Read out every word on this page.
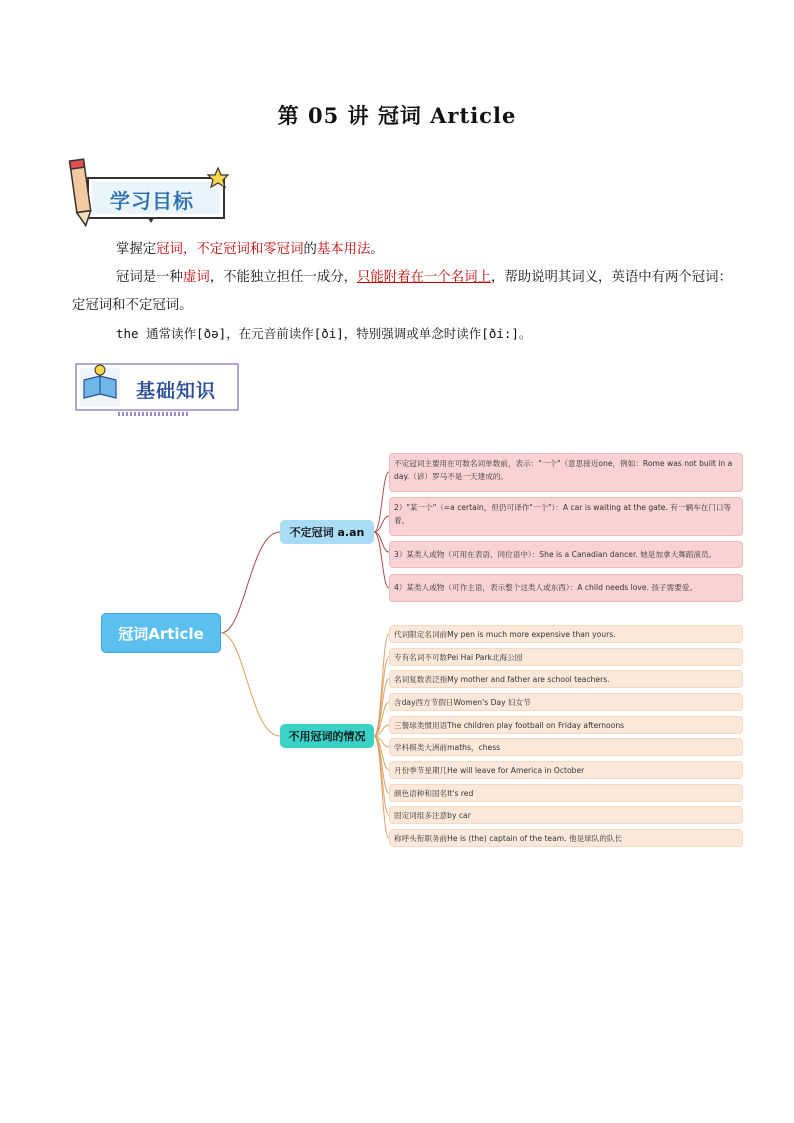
第 05 讲 冠词 Article
学习目标
掌握定冠词，不定冠词和零冠词的基本用法。
冠词是一种虚词，不能独立担任一成分，只能附着在一个名词上，帮助说明其词义，英语中有两个冠词：定冠词和不定冠词。
the 通常读作[ðə]，在元音前读作[ði]，特别强调或单念时读作[ði:]。
基础知识
冠词Article
不定冠词 a.an
不用冠词的情况
不定冠词主要用在可数名词单数前，表示："一个"（意思接近one，例如：Rome was not built in a day.（谚）罗马不是一天建成的。
2）"某一个"（=a certain，但仍可译作"一个"）：A car is waiting at the gate. 有一辆车在门口等着。
3）某类人或物（可用在表语、同位语中）：She is a Canadian dancer. 她是加拿大舞蹈演员。
4）某类人或物（可作主语，表示整个这类人或东西）：A child needs love. 孩子需要爱。
代词限定名词前My pen is much more expensive than yours.
专有名词不可数Pei Hai Park北海公园
名词复数表泛指My mother and father are school teachers.
含day西方节假日Women's Day 妇女节
三餐球类惯用语The children play football on Friday afternoons
学科棋类大洲前maths，chess
月份季节星期几He will leave for America in October
颜色语种和国名It's red
固定词组多注意by car
称呼头衔职务前He is (the) captain of the team. 他是球队的队长
